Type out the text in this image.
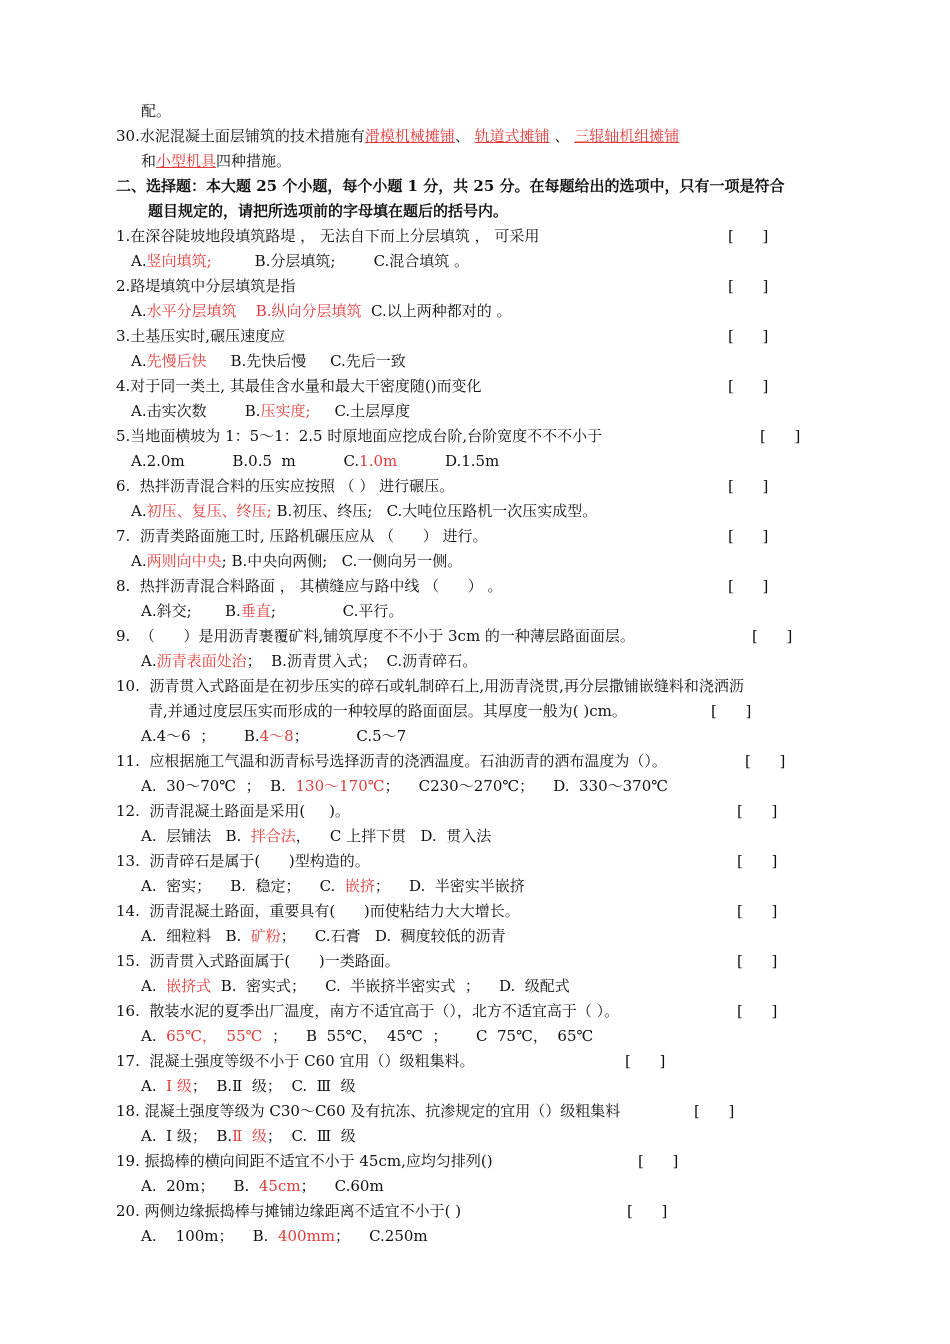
配。
30.水泥混凝土面层铺筑的技术措施有滑模机械摊铺、 轨道式摊铺 、 三辊轴机组摊铺
和小型机具四种措施。
二、选择题：本大题 25 个小题，每个小题 1 分，共 25 分。在每题给出的选项中，只有一项是符合
题目规定的，请把所选项前的字母填在题后的括号内。
1.在深谷陡坡地段填筑路堤 ， 无法自下而上分层填筑 ， 可采用	[      ]
A.竖向填筑;         B.分层填筑;        C.混合填筑 。
2.路堤填筑中分层填筑是指	[      ]
A.水平分层填筑 B.纵向分层填筑 C.以上两种都对的 。
3.土基压实时,碾压速度应	[      ]
A.先慢后快     B.先快后慢     C.先后一致
4.对于同一类土, 其最佳含水量和最大干密度随()而变化	[      ]
A.击实次数        B.压实度;     C.土层厚度
5.当地面横坡为 1：5～1：2.5 时原地面应挖成台阶,台阶宽度不不不小于	[      ]
A.2.0m          B.0.5  m          C.1.0m          D.1.5m
6.  热拌沥青混合料的压实应按照 （ ） 进行碾压。	[      ]
A.初压、复压、终压; B.初压、终压;   C.大吨位压路机一次压实成型。
7.  沥青类路面施工时, 压路机碾压应从 （      ） 进行。	[      ]
A.两则向中央; B.中央向两侧;   C.一侧向另一侧。
8.  热拌沥青混合料路面 ， 其横缝应与路中线 （      ） 。	[      ]
A.斜交;       B.垂直;              C.平行。
9.  （      ）是用沥青裹覆矿料,铺筑厚度不不小于 3cm 的一种薄层路面面层。	[      ]
A.沥青表面处治；  B.沥青贯入式；  C.沥青碎石。
10.  沥青贯入式路面是在初步压实的碎石或轧制碎石上,用沥青浇贯,再分层撒铺嵌缝料和浇洒沥
青,并通过度层压实而形成的一种较厚的路面面层。其厚度一般为( )cm。	[      ]
A.4～6  ；      B.4～8；          C.5～7
11.  应根据施工气温和沥青标号选择沥青的浇洒温度。石油沥青的洒布温度为（）。	[      ]
A.  30～70℃  ；  B.  130～170℃；    C230～270℃；    D.  330～370℃
12.  沥青混凝土路面是采用(     )。	[      ]
A.  层铺法   B.  拌合法，    C 上拌下贯   D.  贯入法
13.  沥青碎石是属于(      )型构造的。	[      ]
A.  密实；    B.  稳定；    C.  嵌挤；    D.  半密实半嵌挤
14.  沥青混凝土路面，重要具有(      )而使粘结力大大增长。	[      ]
A.  细粒料   B.  矿粉；    C.石膏   D.  稠度较低的沥青
15.  沥青贯入式路面属于(      )一类路面。	[      ]
A.  嵌挤式  B.  密实式；    C.  半嵌挤半密实式  ；    D.  级配式
16.  散装水泥的夏季出厂温度，南方不适宜高于（），北方不适宜高于（ ）。	[      ]
A.  65℃，  55℃  ；    B  55℃，  45℃  ；      C  75℃，  65℃
17.  混凝土强度等级不小于 C60 宜用（）级粗集料。	[      ]
A.  Ⅰ 级；  B.Ⅱ  级；  C.  Ⅲ  级
18. 混凝土强度等级为 C30～C60 及有抗冻、抗渗规定的宜用（）级粗集料	[      ]
A.  Ⅰ 级；  B.Ⅱ  级；  C.  Ⅲ  级
19. 振捣棒的横向间距不适宜不小于 45cm,应均匀排列()	[      ]
A.  20m；    B.  45cm；    C.60m
20. 两侧边缘振捣棒与摊铺边缘距离不适宜不小于( )	[      ]
A.    100m；    B.  400mm；    C.250m
